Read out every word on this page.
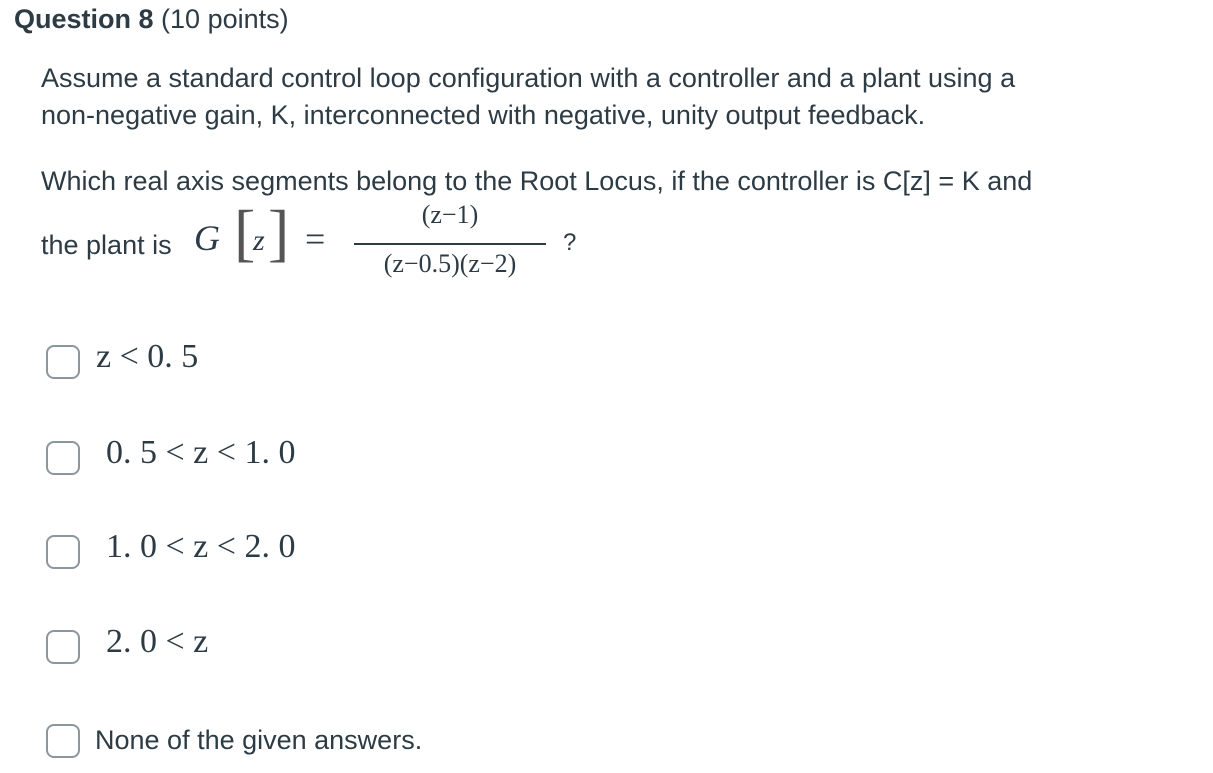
Question 8 (10 points)
Assume a standard control loop configuration with a controller and a plant using a
non-negative gain, K, interconnected with negative, unity output feedback.
Which real axis segments belong to the Root Locus, if the controller is C[z] = K and
the plant is G [
z ] =
(z−1)
(z−0.5)(z−2)
?
z < 0. 5
0. 5 < z < 1. 0
1. 0 < z < 2. 0
2. 0 < z
None of the given answers.
